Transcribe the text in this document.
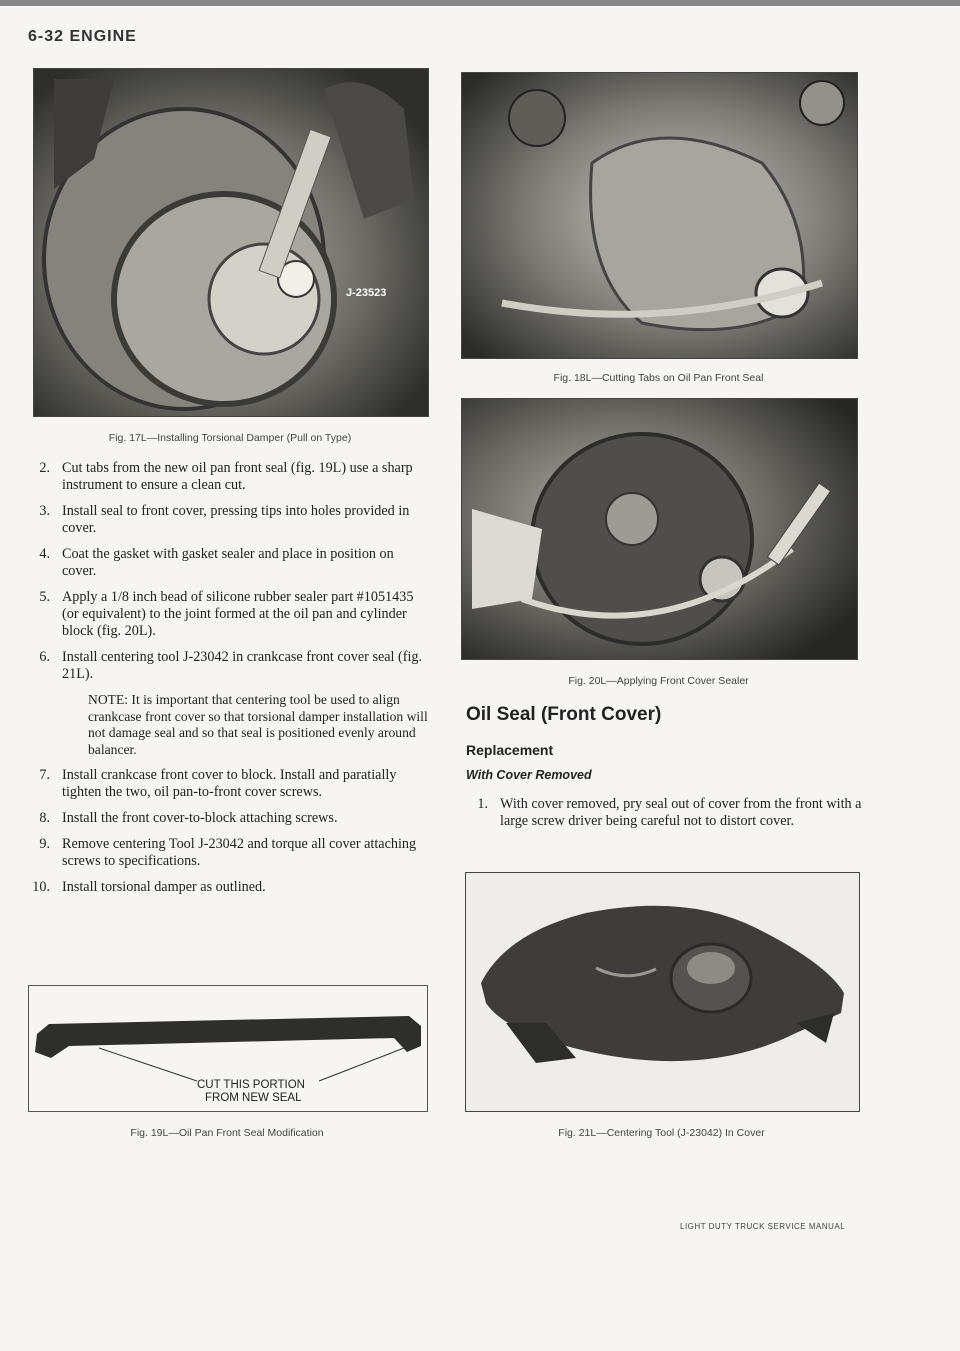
6-32 ENGINE
J-23523
Fig. 17L—Installing Torsional Damper (Pull on Type)
Fig. 18L—Cutting Tabs on Oil Pan Front Seal
Fig. 20L—Applying Front Cover Sealer
2. Cut tabs from the new oil pan front seal (fig. 19L) use a sharp instrument to ensure a clean cut.
3. Install seal to front cover, pressing tips into holes provided in cover.
4. Coat the gasket with gasket sealer and place in position on cover.
5. Apply a 1/8 inch bead of silicone rubber sealer part #1051435 (or equivalent) to the joint formed at the oil pan and cylinder block (fig. 20L).
6. Install centering tool J-23042 in crankcase front cover seal (fig. 21L).
NOTE: It is important that centering tool be used to align crankcase front cover so that torsional damper installation will not damage seal and so that seal is positioned evenly around balancer.
7. Install crankcase front cover to block. Install and paratially tighten the two, oil pan-to-front cover screws.
8. Install the front cover-to-block attaching screws.
9. Remove centering Tool J-23042 and torque all cover attaching screws to specifications.
10. Install torsional damper as outlined.
CUT THIS PORTION
FROM NEW SEAL
Fig. 19L—Oil Pan Front Seal Modification
Oil Seal (Front Cover)
Replacement
With Cover Removed
1. With cover removed, pry seal out of cover from the front with a large screw driver being careful not to distort cover.
Fig. 21L—Centering Tool (J-23042) In Cover
LIGHT DUTY TRUCK SERVICE MANUAL
